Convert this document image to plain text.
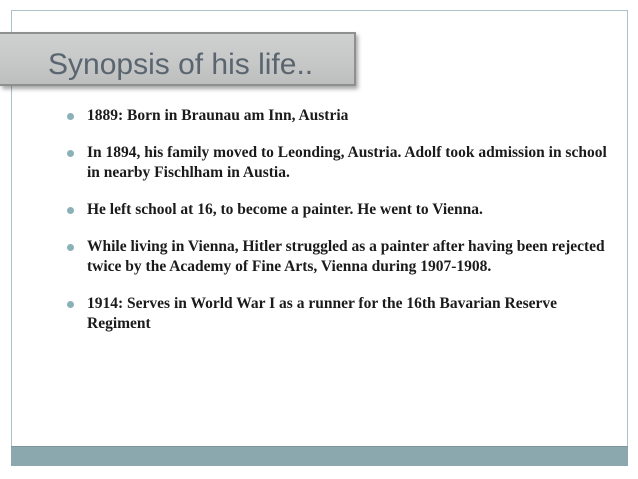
Synopsis of his life..
1889: Born in Braunau am Inn, Austria
In 1894, his family moved to Leonding, Austria. Adolf took admission in school in nearby Fischlham in Austia.
He left school at 16, to become a painter. He went to Vienna.
While living in Vienna, Hitler struggled as a painter after having been rejected twice by the Academy of Fine Arts, Vienna during 1907-1908.
1914: Serves in World War I as a runner for the 16th Bavarian Reserve Regiment
